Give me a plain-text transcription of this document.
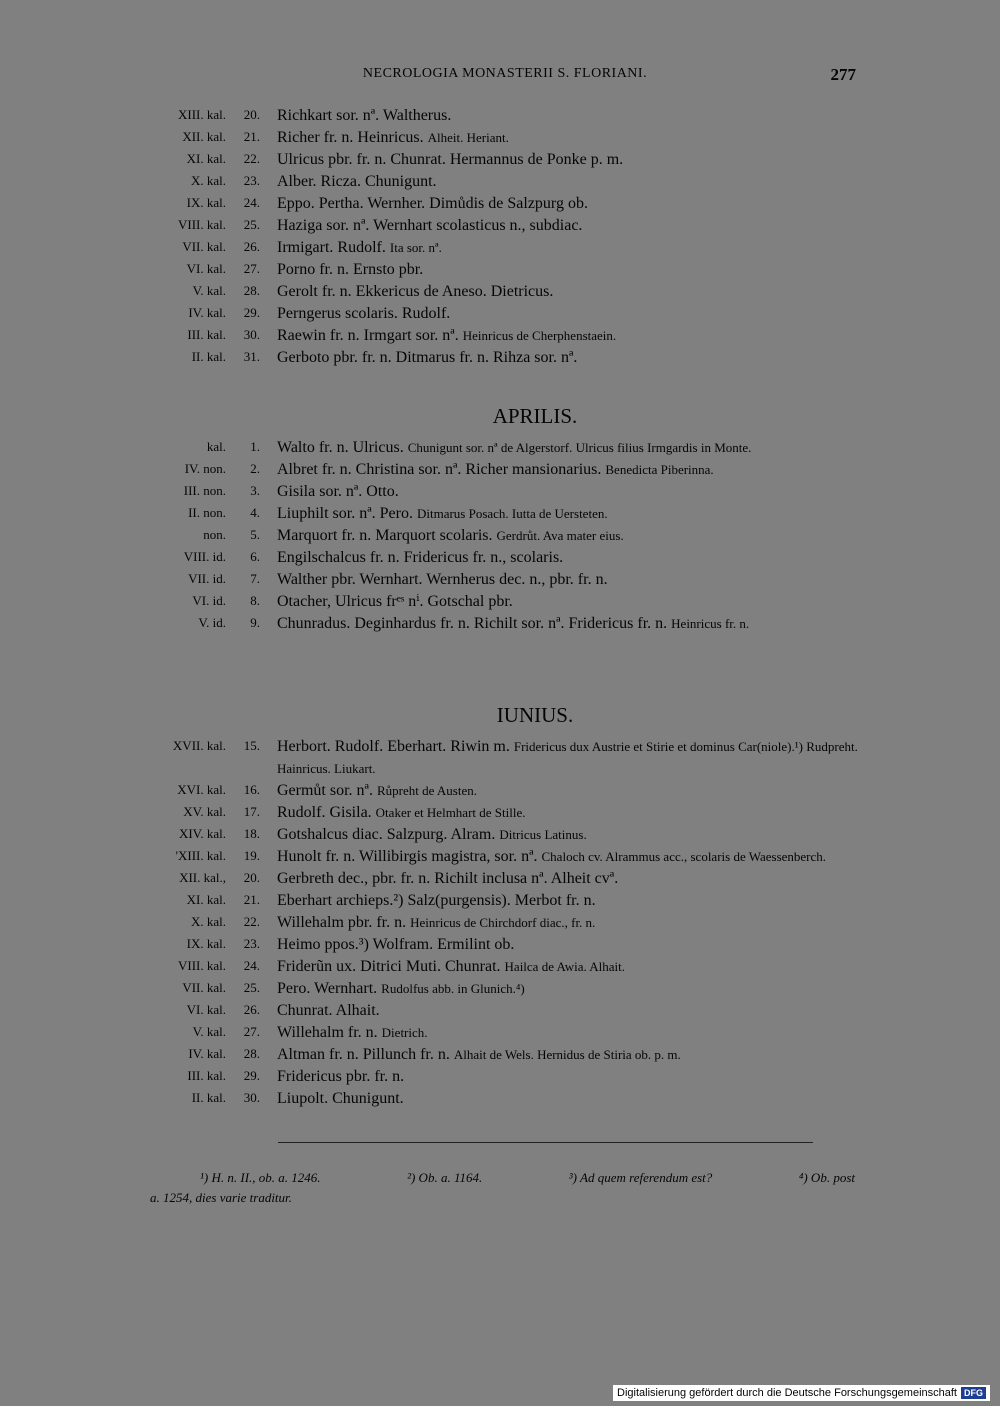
NECROLOGIA MONASTERII S. FLORIANI.	277
XIII. kal.	20. Richkart sor. nª. Waltherus.
XII. kal.	21. Richer fr. n. Heinricus. Alheit. Heriant.
XI. kal.	22. Ulricus pbr. fr. n. Chunrat. Hermannus de Ponke p. m.
X. kal.	23. Alber. Ricza. Chunigunt.
IX. kal.	24. Eppo. Pertha. Wernher. Dimůdis de Salzpurg ob.
VIII. kal.	25. Haziga sor. nª. Wernhart scolasticus n., subdiac.
VII. kal.	26. Irmigart. Rudolf. Ita sor. nª.
VI. kal.	27. Porno fr. n. Ernsto pbr.
V. kal.	28. Gerolt fr. n. Ekkericus de Aneso. Dietricus.
IV. kal.	29. Perngerus scolaris. Rudolf.
III. kal.	30. Raewin fr. n. Irmgart sor. nª. Heinricus de Cherphenstaein.
II. kal.	31. Gerboto pbr. fr. n. Ditmarus fr. n. Rihza sor. nª.
APRILIS.
kal.	1. Walto fr. n. Ulricus. Chunigunt sor. nª de Algerstorf. Ulricus filius Irmgardis in Monte.
IV. non.	2. Albret fr. n. Christina sor. nª. Richer mansionarius. Benedicta Piberinna.
III. non.	3. Gisila sor. nª. Otto.
II. non.	4. Liuphilt sor. nª. Pero. Ditmarus Posach. Iutta de Uersteten.
non.	5. Marquort fr. n. Marquort scolaris. Gerdrůt. Ava mater eius.
VIII. id.	6. Engilschalcus fr. n. Fridericus fr. n., scolaris.
VII. id.	7. Walther pbr. Wernhart. Wernherus dec. n., pbr. fr. n.
VI. id.	8. Otacher, Ulricus frᵉˢ nⁱ. Gotschal pbr.
V. id.	9. Chunradus. Deginhardus fr. n. Richilt sor. nª. Fridericus fr. n. Heinricus fr. n.
IUNIUS.
XVII. kal.	15. Herbort. Rudolf. Eberhart. Riwin m. Fridericus dux Austrie et Stirie et dominus Car(niole).¹) Rudpreht. Hainricus. Liukart.
XVI. kal.	16. Germůt sor. nª. Růpreht de Austen.
XV. kal.	17. Rudolf. Gisila. Otaker et Helmhart de Stille.
XIV. kal.	18. Gotshalcus diac. Salzpurg. Alram. Ditricus Latinus.
'XIII. kal.	19. Hunolt fr. n. Willibirgis magistra, sor. nª. Chaloch cv. Alrammus acc., scolaris de Waessenberch.
XII. kal.,	20. Gerbreth dec., pbr. fr. n. Richilt inclusa nª. Alheit cvª.
XI. kal.	21. Eberhart archieps.²) Salz(purgensis). Merbot fr. n.
X. kal.	22. Willehalm pbr. fr. n. Heinricus de Chirchdorf diac., fr. n.
IX. kal.	23. Heimo ppos.³) Wolfram. Ermilint ob.
VIII. kal.	24. Friderũn ux. Ditrici Muti. Chunrat. Hailca de Awia. Alhait.
VII. kal.	25. Pero. Wernhart. Rudolfus abb. in Glunich.⁴)
VI. kal.	26. Chunrat. Alhait.
V. kal.	27. Willehalm fr. n. Dietrich.
IV. kal.	28. Altman fr. n. Pillunch fr. n. Alhait de Wels. Hernidus de Stiria ob. p. m.
III. kal.	29. Fridericus pbr. fr. n.
II. kal.	30. Liupolt. Chunigunt.
¹) H. n. II., ob. a. 1246.	²) Ob. a. 1164.	³) Ad quem referendum est?	⁴) Ob. post
a. 1254, dies varie traditur.
Digitalisierung gefördert durch die Deutsche Forschungsgemeinschaft DFG
